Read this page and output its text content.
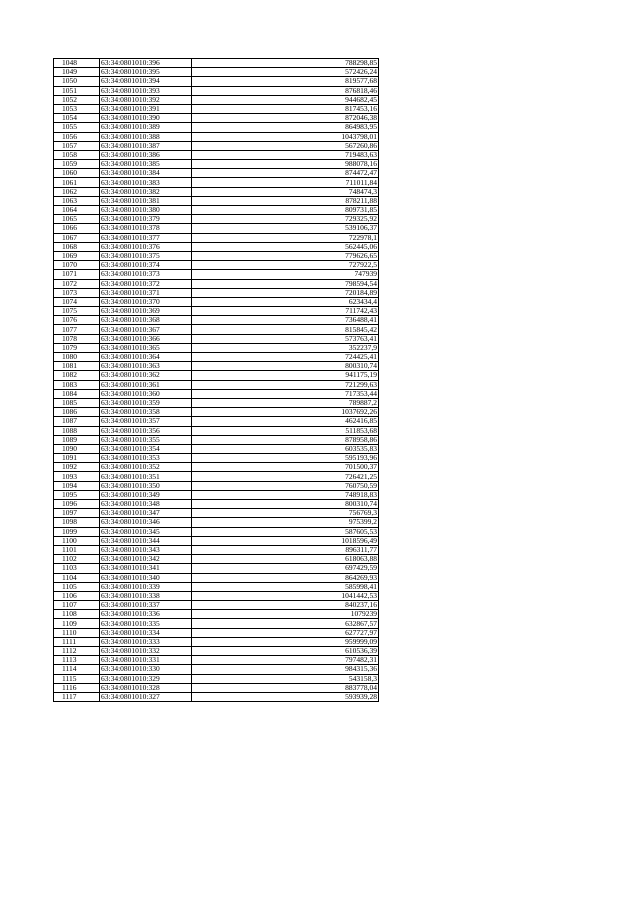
1048	63:34:0801010:396	788298,85
1049	63:34:0801010:395	572426,24
1050	63:34:0801010:394	819577,68
1051	63:34:0801010:393	876818,46
1052	63:34:0801010:392	944682,45
1053	63:34:0801010:391	817453,16
1054	63:34:0801010:390	872046,38
1055	63:34:0801010:389	864983,95
1056	63:34:0801010:388	1043798,01
1057	63:34:0801010:387	567260,86
1058	63:34:0801010:386	719483,63
1059	63:34:0801010:385	988078,16
1060	63:34:0801010:384	874472,47
1061	63:34:0801010:383	711011,84
1062	63:34:0801010:382	748474,3
1063	63:34:0801010:381	878211,88
1064	63:34:0801010:380	809731,85
1065	63:34:0801010:379	729325,92
1066	63:34:0801010:378	539106,37
1067	63:34:0801010:377	722978,1
1068	63:34:0801010:376	562445,06
1069	63:34:0801010:375	779626,65
1070	63:34:0801010:374	727922,5
1071	63:34:0801010:373	747939
1072	63:34:0801010:372	798594,54
1073	63:34:0801010:371	720184,89
1074	63:34:0801010:370	623434,4
1075	63:34:0801010:369	711742,43
1076	63:34:0801010:368	736488,41
1077	63:34:0801010:367	815845,42
1078	63:34:0801010:366	573763,41
1079	63:34:0801010:365	352237,9
1080	63:34:0801010:364	724425,41
1081	63:34:0801010:363	800310,74
1082	63:34:0801010:362	941175,19
1083	63:34:0801010:361	721299,63
1084	63:34:0801010:360	717353,44
1085	63:34:0801010:359	789887,2
1086	63:34:0801010:358	1037692,26
1087	63:34:0801010:357	462416,85
1088	63:34:0801010:356	511853,68
1089	63:34:0801010:355	878958,86
1090	63:34:0801010:354	603535,83
1091	63:34:0801010:353	595193,96
1092	63:34:0801010:352	701500,37
1093	63:34:0801010:351	726421,25
1094	63:34:0801010:350	760750,59
1095	63:34:0801010:349	748918,83
1096	63:34:0801010:348	800310,74
1097	63:34:0801010:347	756769,3
1098	63:34:0801010:346	975399,2
1099	63:34:0801010:345	587605,53
1100	63:34:0801010:344	1018596,49
1101	63:34:0801010:343	896311,77
1102	63:34:0801010:342	618063,88
1103	63:34:0801010:341	697429,59
1104	63:34:0801010:340	864269,93
1105	63:34:0801010:339	585998,41
1106	63:34:0801010:338	1041442,53
1107	63:34:0801010:337	840237,16
1108	63:34:0801010:336	1079239
1109	63:34:0801010:335	632867,57
1110	63:34:0801010:334	627727,97
1111	63:34:0801010:333	959999,09
1112	63:34:0801010:332	610536,39
1113	63:34:0801010:331	797482,31
1114	63:34:0801010:330	984315,36
1115	63:34:0801010:329	543158,3
1116	63:34:0801010:328	883778,04
1117	63:34:0801010:327	593939,28
